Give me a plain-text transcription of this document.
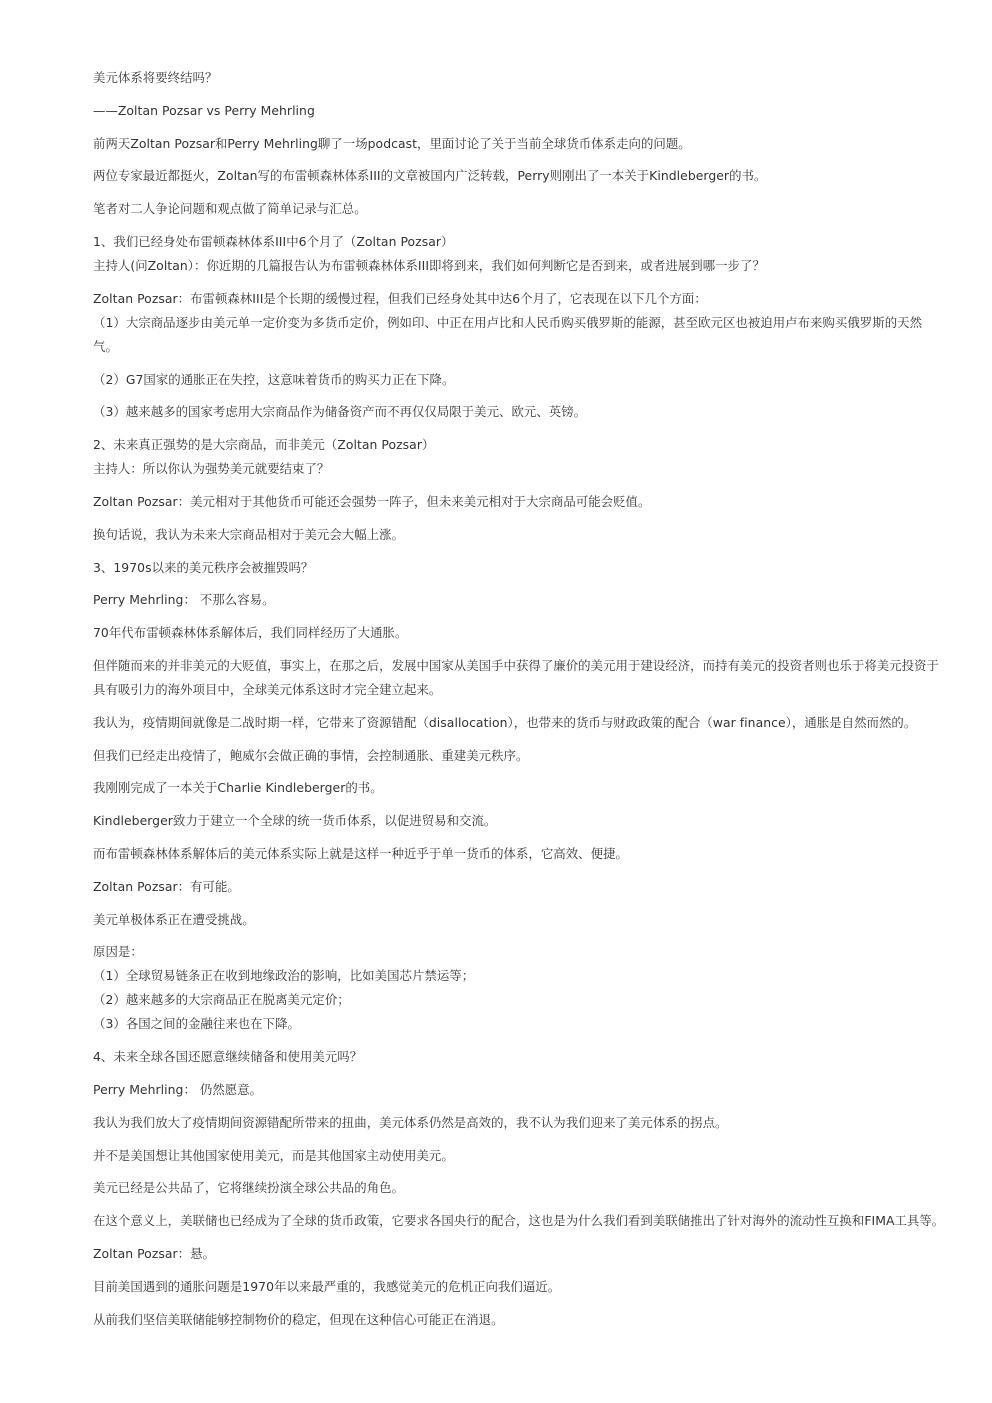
美元体系将要终结吗？
——Zoltan Pozsar vs Perry Mehrling
前两天Zoltan Pozsar和Perry Mehrling聊了一场podcast，里面讨论了关于当前全球货币体系走向的问题。
两位专家最近都挺火，Zoltan写的布雷顿森林体系III的文章被国内广泛转载，Perry则刚出了一本关于Kindleberger的书。
笔者对二人争论问题和观点做了简单记录与汇总。
1、我们已经身处布雷顿森林体系III中6个月了（Zoltan Pozsar）
主持人(问Zoltan）：你近期的几篇报告认为布雷顿森林体系III即将到来，我们如何判断它是否到来，或者进展到哪一步了？
Zoltan Pozsar：布雷顿森林III是个长期的缓慢过程，但我们已经身处其中达6个月了，它表现在以下几个方面：
（1）大宗商品逐步由美元单一定价变为多货币定价，例如印、中正在用卢比和人民币购买俄罗斯的能源，甚至欧元区也被迫用卢布来购买俄罗斯的天然气。
（2）G7国家的通胀正在失控，这意味着货币的购买力正在下降。
（3）越来越多的国家考虑用大宗商品作为储备资产而不再仅仅局限于美元、欧元、英镑。
2、未来真正强势的是大宗商品，而非美元（Zoltan Pozsar）
主持人：所以你认为强势美元就要结束了？
Zoltan Pozsar：美元相对于其他货币可能还会强势一阵子，但未来美元相对于大宗商品可能会贬值。
换句话说，我认为未来大宗商品相对于美元会大幅上涨。
3、1970s以来的美元秩序会被摧毁吗？
Perry Mehrling： 不那么容易。
70年代布雷顿森林体系解体后，我们同样经历了大通胀。
但伴随而来的并非美元的大贬值，事实上，在那之后，发展中国家从美国手中获得了廉价的美元用于建设经济，而持有美元的投资者则也乐于将美元投资于具有吸引力的海外项目中，全球美元体系这时才完全建立起来。
我认为，疫情期间就像是二战时期一样，它带来了资源错配（disallocation），也带来的货币与财政政策的配合（war finance），通胀是自然而然的。
但我们已经走出疫情了，鲍威尔会做正确的事情，会控制通胀、重建美元秩序。
我刚刚完成了一本关于Charlie Kindleberger的书。
Kindleberger致力于建立一个全球的统一货币体系，以促进贸易和交流。
而布雷顿森林体系解体后的美元体系实际上就是这样一种近乎于单一货币的体系，它高效、便捷。
Zoltan Pozsar：有可能。
美元单极体系正在遭受挑战。
原因是：
（1）全球贸易链条正在收到地缘政治的影响，比如美国芯片禁运等；
（2）越来越多的大宗商品正在脱离美元定价；
（3）各国之间的金融往来也在下降。
4、未来全球各国还愿意继续储备和使用美元吗？
Perry Mehrling： 仍然愿意。
我认为我们放大了疫情期间资源错配所带来的扭曲，美元体系仍然是高效的，我不认为我们迎来了美元体系的拐点。
并不是美国想让其他国家使用美元，而是其他国家主动使用美元。
美元已经是公共品了，它将继续扮演全球公共品的角色。
在这个意义上，美联储也已经成为了全球的货币政策，它要求各国央行的配合，这也是为什么我们看到美联储推出了针对海外的流动性互换和FIMA工具等。
Zoltan Pozsar：悬。
目前美国遇到的通胀问题是1970年以来最严重的，我感觉美元的危机正向我们逼近。
从前我们坚信美联储能够控制物价的稳定，但现在这种信心可能正在消退。
